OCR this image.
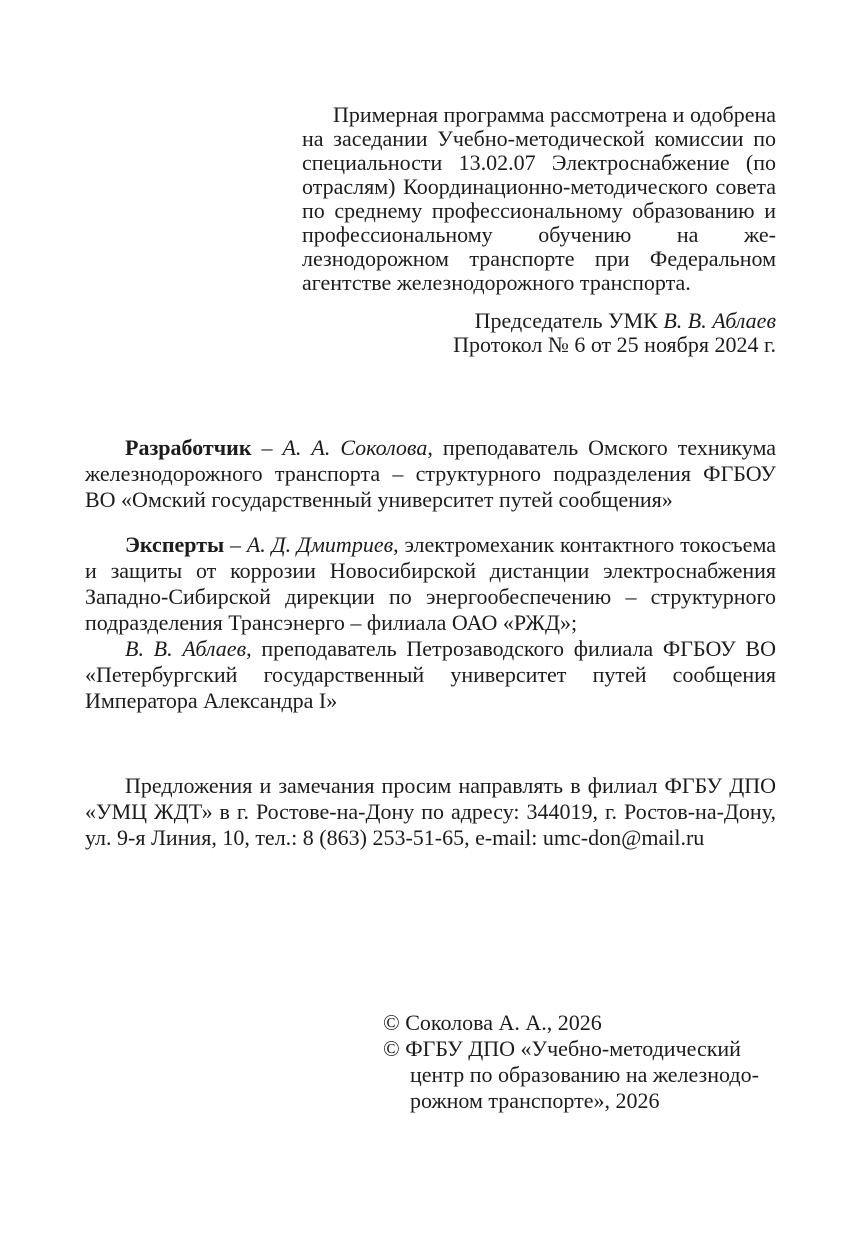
Примерная программа рассмотрена и одобрена на заседании Учебно-методической комиссии по специальности 13.02.07 Электроснабжение (по отраслям) Координационно-методического совета по среднему профессиональному образованию и профессиональному обучению на железнодорожном транспорте при Федеральном агентстве железнодорожного транспорта.

Председатель УМК В. В. Аблаев

Протокол № 6 от 25 ноября 2024 г.

Разработчик – А. А. Соколова, преподаватель Омского техникума железнодорожного транспорта – структурного подразделения ФГБОУ ВО «Омский государственный университет путей сообщения»

Эксперты – А. Д. Дмитриев, электромеханик контактного токосъема и защиты от коррозии Новосибирской дистанции электроснабжения Западно-Сибирской дирекции по энергообеспечению – структурного подразделения Трансэнерго – филиала ОАО «РЖД»;

В. В. Аблаев, преподаватель Петрозаводского филиала ФГБОУ ВО «Петербургский государственный университет путей сообщения Императора Александра I»

Предложения и замечания просим направлять в филиал ФГБУ ДПО «УМЦ ЖДТ» в г. Ростове-на-Дону по адресу: 344019, г. Ростов-на-Дону, ул. 9-я Линия, 10, тел.: 8 (863) 253-51-65, e-mail: umc-don@mail.ru

© Соколова А. А., 2026

© ФГБУ ДПО «Учебно-методический центр по образованию на железнодорожном транспорте», 2026
